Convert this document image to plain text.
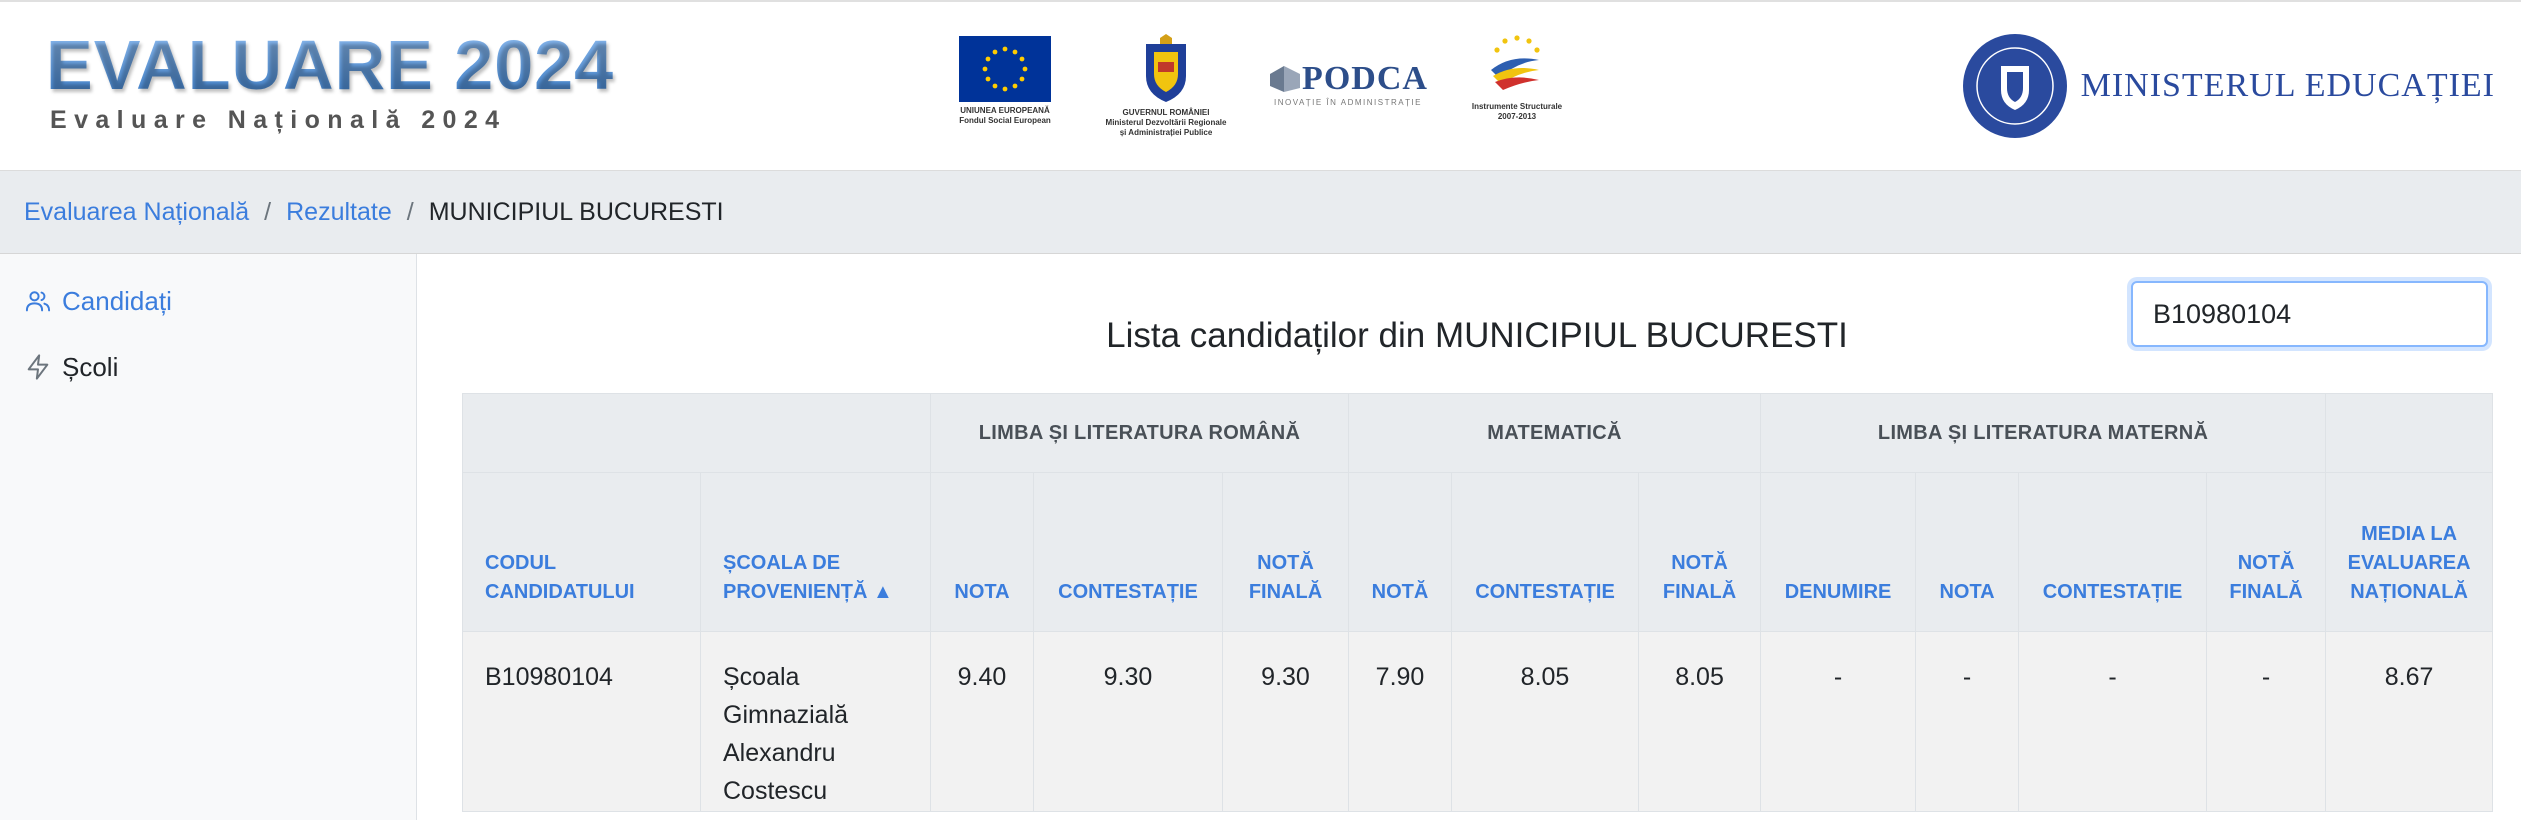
EVALUARE 2024
Evaluare Națională 2024	UNIUNEA EUROPEANĂ
Fondul Social European
GUVERNUL ROMÂNIEI
Ministerul Dezvoltării Regionale
și Administrației Publice
PODCA
INOVAȚIE ÎN ADMINISTRAȚIE	Instrumente Structurale
2007-2013
MINISTERUL EDUCAȚIEI
Evaluarea Națională / Rezultate / MUNICIPIUL BUCURESTI
Candidați
Școli
B10980104
Lista candidaților din MUNICIPIUL BUCURESTI
		LIMBA ȘI LITERATURA ROMÂNĂ			MATEMATICĂ			LIMBA ȘI LITERATURA MATERNĂ				
CODUL CANDIDATULUI	ȘCOALA DE PROVENIENȚĂ ▲	NOTA	CONTESTAȚIE	NOTĂ FINALĂ	NOTĂ	CONTESTAȚIE	NOTĂ FINALĂ	DENUMIRE	NOTA	CONTESTAȚIE	NOTĂ FINALĂ	MEDIA LA EVALUAREA NAȚIONALĂ
B10980104	Școala Gimnazială Alexandru Costescu	9.40	9.30	9.30	7.90	8.05	8.05	-	-	-	-	8.67
